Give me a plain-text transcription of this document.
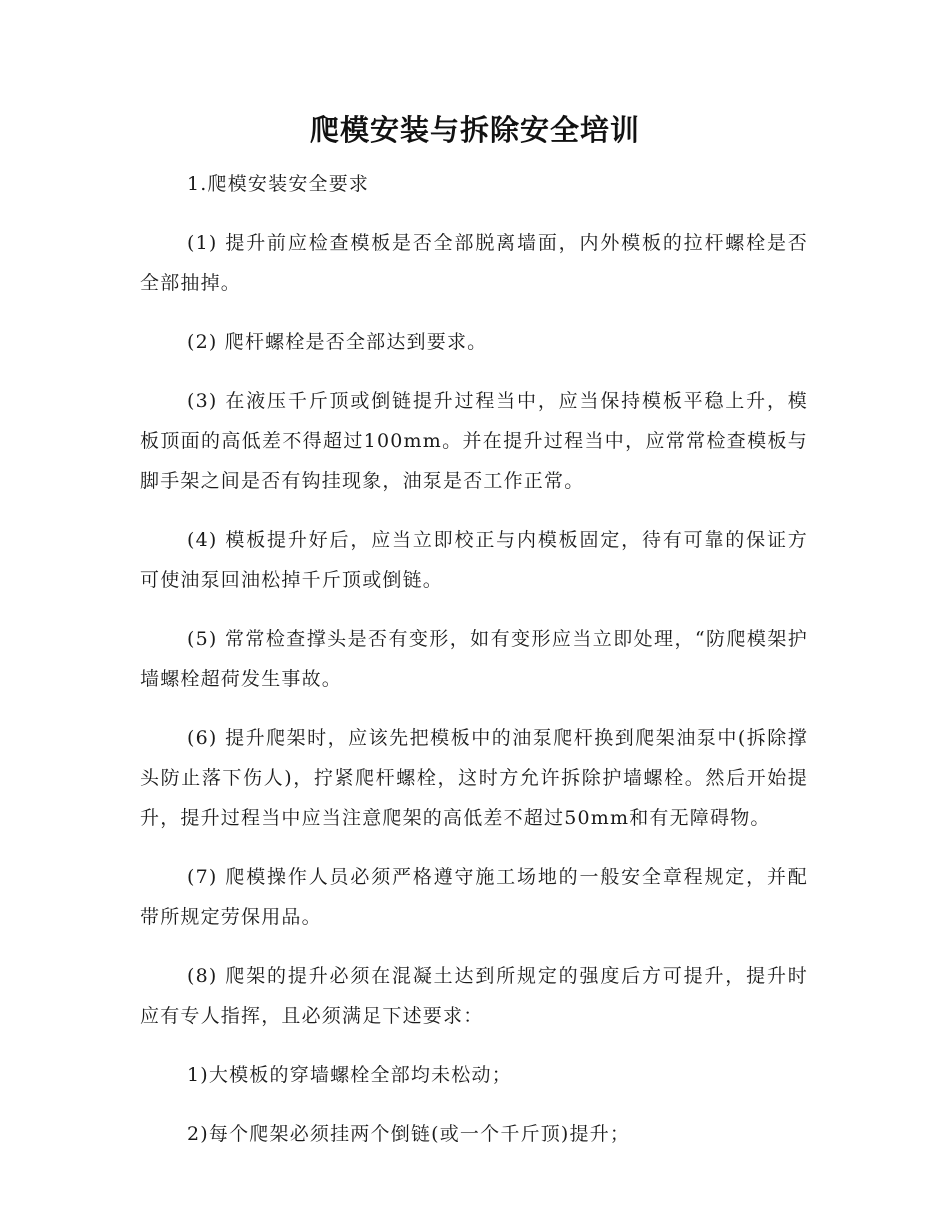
爬模安装与拆除安全培训

1.爬模安装安全要求

(1) 提升前应检查模板是否全部脱离墙面，内外模板的拉杆螺栓是否全部抽掉。

(2) 爬杆螺栓是否全部达到要求。

(3) 在液压千斤顶或倒链提升过程当中，应当保持模板平稳上升，模板顶面的高低差不得超过100mm。并在提升过程当中，应常常检查模板与脚手架之间是否有钩挂现象，油泵是否工作正常。

(4) 模板提升好后，应当立即校正与内模板固定，待有可靠的保证方可使油泵回油松掉千斤顶或倒链。

(5) 常常检查撑头是否有变形，如有变形应当立即处理，“防爬模架护墙螺栓超荷发生事故。

(6) 提升爬架时，应该先把模板中的油泵爬杆换到爬架油泵中(拆除撑头防止落下伤人)，拧紧爬杆螺栓，这时方允许拆除护墙螺栓。然后开始提升，提升过程当中应当注意爬架的高低差不超过50mm和有无障碍物。

(7) 爬模操作人员必须严格遵守施工场地的一般安全章程规定，并配带所规定劳保用品。

(8) 爬架的提升必须在混凝土达到所规定的强度后方可提升，提升时应有专人指挥，且必须满足下述要求：

1)大模板的穿墙螺栓全部均未松动；

2)每个爬架必须挂两个倒链(或一个千斤顶)提升；
